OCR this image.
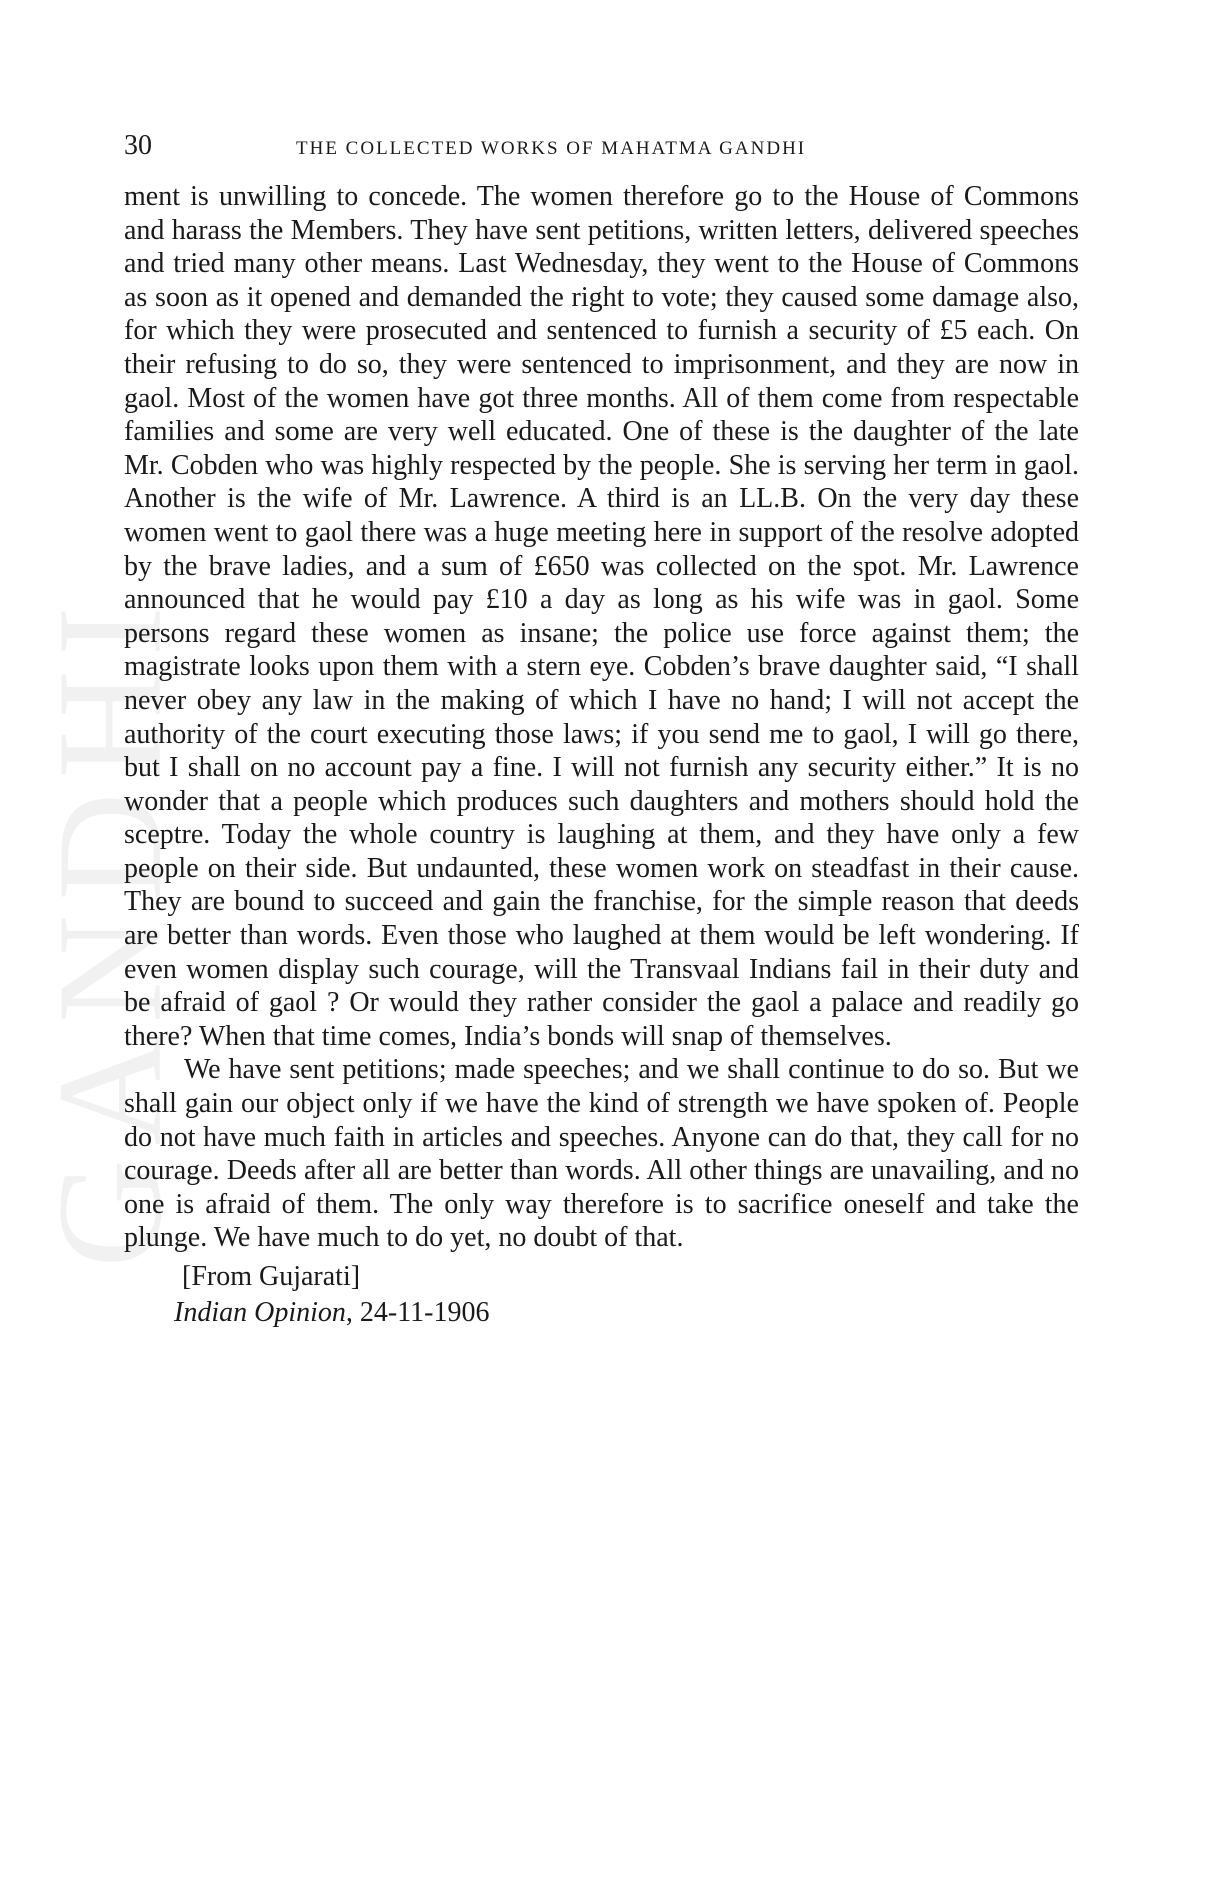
GANDHI
30	THE COLLECTED WORKS OF MAHATMA GANDHI

ment is unwilling to concede. The women therefore go to the House of Commons and harass the Members. They have sent petitions, written letters, delivered speeches and tried many other means. Last Wednesday, they went to the House of Commons as soon as it opened and demanded the right to vote; they caused some damage also, for which they were prosecuted and sentenced to furnish a security of £5 each. On their refusing to do so, they were sentenced to imprisonment, and they are now in gaol. Most of the women have got three months. All of them come from respectable families and some are very well educated. One of these is the daughter of the late Mr. Cobden who was highly respected by the people. She is serving her term in gaol. Another is the wife of Mr. Lawrence. A third is an LL.B. On the very day these women went to gaol there was a huge meeting here in support of the resolve adopted by the brave ladies, and a sum of £650 was collected on the spot. Mr. Lawrence announced that he would pay £10 a day as long as his wife was in gaol. Some persons regard these women as insane; the police use force against them; the magistrate looks upon them with a stern eye. Cobden’s brave daughter said, “I shall never obey any law in the making of which I have no hand; I will not accept the authority of the court executing those laws; if you send me to gaol, I will go there, but I shall on no account pay a fine. I will not furnish any security either.” It is no wonder that a people which produces such daughters and mothers should hold the sceptre. Today the whole country is laughing at them, and they have only a few people on their side. But undaunted, these women work on steadfast in their cause. They are bound to succeed and gain the franchise, for the simple reason that deeds are better than words. Even those who laughed at them would be left wondering. If even women display such courage, will the Transvaal Indians fail in their duty and be afraid of gaol ? Or would they rather consider the gaol a palace and readily go there? When that time comes, India’s bonds will snap of themselves.

We have sent petitions; made speeches; and we shall continue to do so. But we shall gain our object only if we have the kind of strength we have spoken of. People do not have much faith in articles and speeches. Anyone can do that, they call for no courage. Deeds after all are better than words. All other things are unavailing, and no one is afraid of them. The only way therefore is to sacrifice oneself and take the plunge. We have much to do yet, no doubt of that.

[From Gujarati]
Indian Opinion, 24-11-1906
